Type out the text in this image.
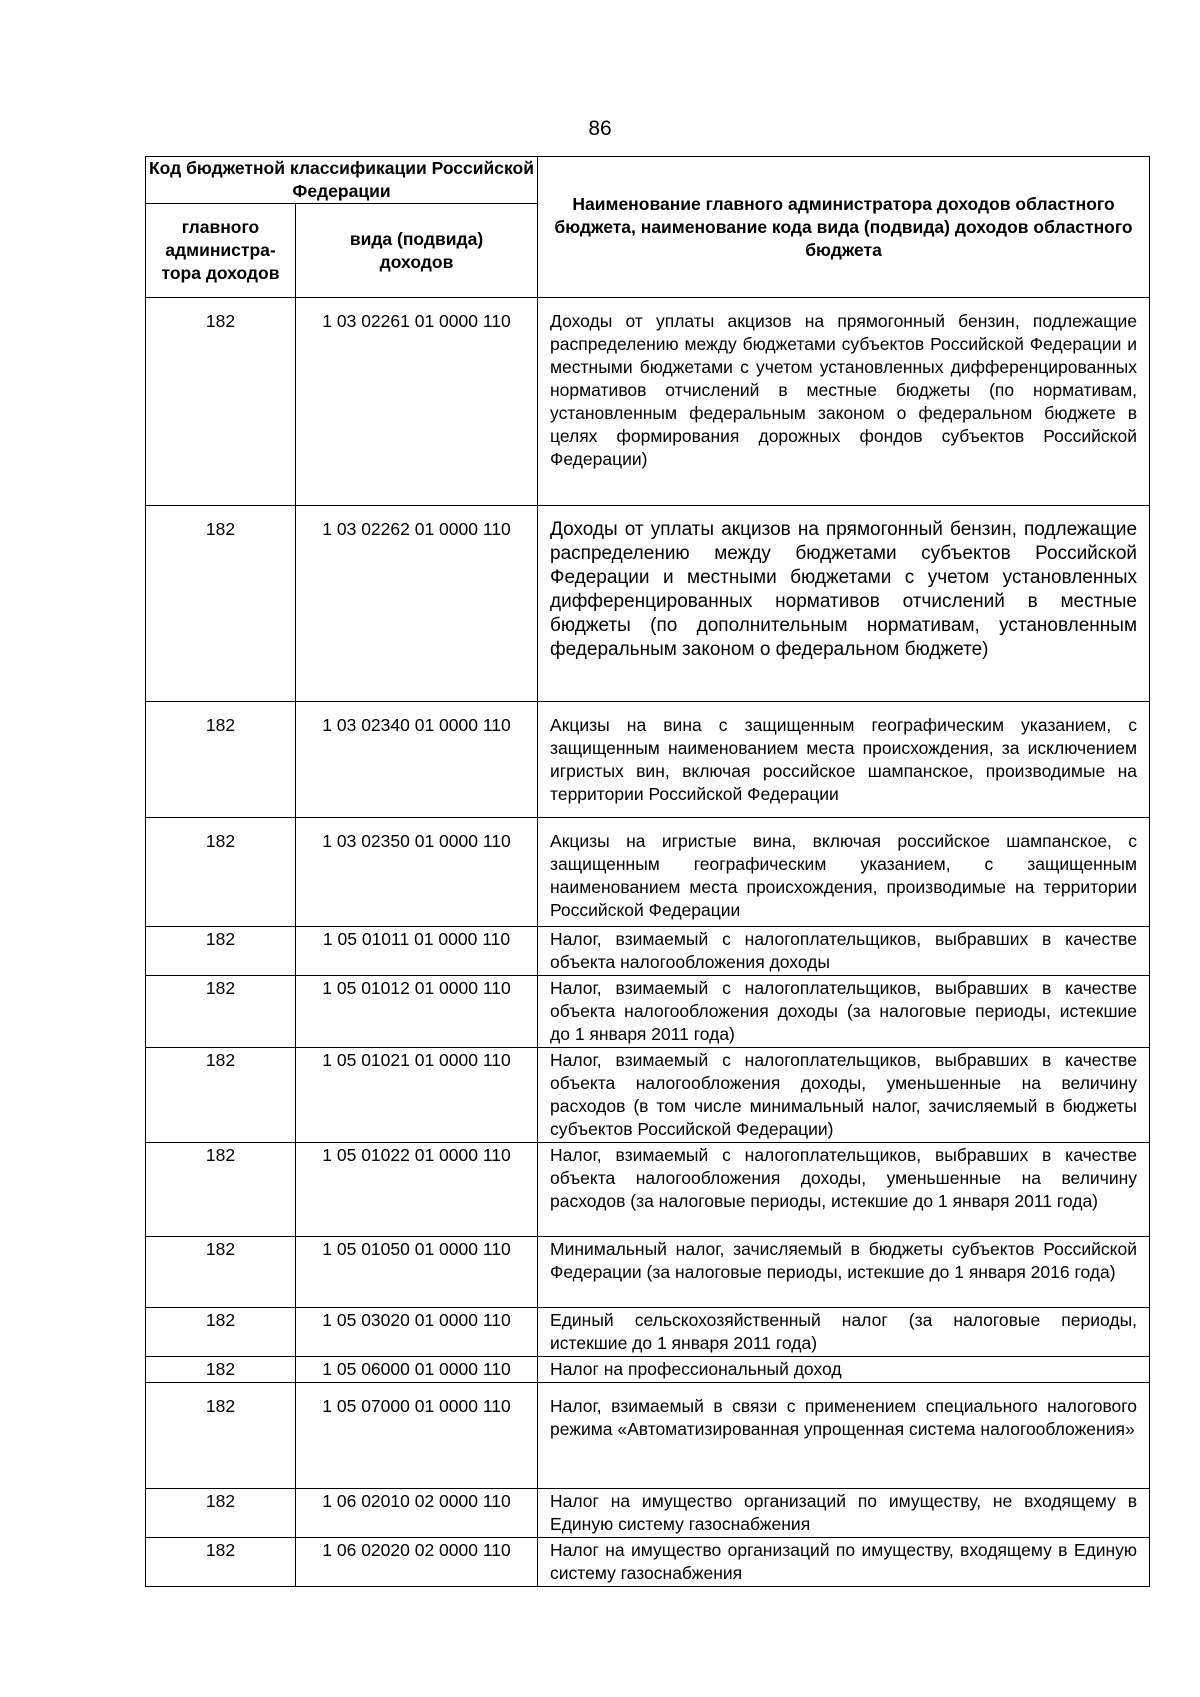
86
Код бюджетной классификации Российской Федерации		Наименование главного администратора доходов областного бюджета, наименование кода вида (подвида) доходов областного бюджета
главного администра-тора доходов	вида (подвида) доходов	
182	1 03 02261 01 0000 110	Доходы от уплаты акцизов на прямогонный бензин, подлежащие распределению между бюджетами субъектов Российской Федерации и местными бюджетами с учетом установленных дифференцированных нормативов отчислений в местные бюджеты (по нормативам, установленным федеральным законом о федеральном бюджете в целях формирования дорожных фондов субъектов Российской Федерации)
182	1 03 02262 01 0000 110	Доходы от уплаты акцизов на прямогонный бензин, подлежащие распределению между бюджетами субъектов Российской Федерации и местными бюджетами с учетом установленных дифференцированных нормативов отчислений в местные бюджеты (по дополнительным нормативам, установленным федеральным законом о федеральном бюджете)
182	1 03 02340 01 0000 110	Акцизы на вина с защищенным географическим указанием, с защищенным наименованием места происхождения, за исключением игристых вин, включая российское шампанское, производимые на территории Российской Федерации
182	1 03 02350 01 0000 110	Акцизы на игристые вина, включая российское шампанское, с защищенным географическим указанием, с защищенным наименованием места происхождения, производимые на территории Российской Федерации
182	1 05 01011 01 0000 110	Налог, взимаемый с налогоплательщиков, выбравших в качестве объекта налогообложения доходы
182	1 05 01012 01 0000 110	Налог, взимаемый с налогоплательщиков, выбравших в качестве объекта налогообложения доходы (за налоговые периоды, истекшие до 1 января 2011 года)
182	1 05 01021 01 0000 110	Налог, взимаемый с налогоплательщиков, выбравших в качестве объекта налогообложения доходы, уменьшенные на величину расходов (в том числе минимальный налог, зачисляемый в бюджеты субъектов Российской Федерации)
182	1 05 01022 01 0000 110	Налог, взимаемый с налогоплательщиков, выбравших в качестве объекта налогообложения доходы, уменьшенные на величину расходов (за налоговые периоды, истекшие до 1 января 2011 года)
182	1 05 01050 01 0000 110	Минимальный налог, зачисляемый в бюджеты субъектов Российской Федерации (за налоговые периоды, истекшие до 1 января 2016 года)
182	1 05 03020 01 0000 110	Единый сельскохозяйственный налог (за налоговые периоды, истекшие до 1 января 2011 года)
182	1 05 06000 01 0000 110	Налог на профессиональный доход
182	1 05 07000 01 0000 110	Налог, взимаемый в связи с применением специального налогового режима «Автоматизированная упрощенная система налогообложения»
182	1 06 02010 02 0000 110	Налог на имущество организаций по имуществу, не входящему в Единую систему газоснабжения
182	1 06 02020 02 0000 110	Налог на имущество организаций по имуществу, входящему в Единую систему газоснабжения
